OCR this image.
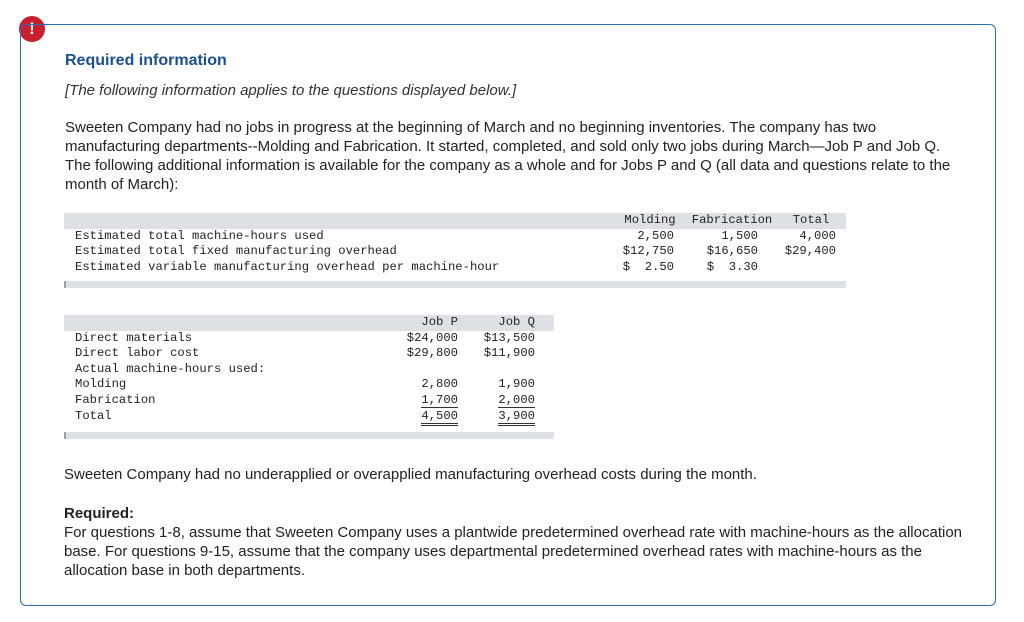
!
Required information
[The following information applies to the questions displayed below.]
Sweeten Company had no jobs in progress at the beginning of March and no beginning inventories. The company has two manufacturing departments--Molding and Fabrication. It started, completed, and sold only two jobs during March—Job P and Job Q. The following additional information is available for the company as a whole and for Jobs P and Q (all data and questions relate to the month of March):
	Molding	Fabrication	Total
Estimated total machine-hours used	2,500	1,500	4,000
Estimated total fixed manufacturing overhead	$12,750	$16,650	$29,400
Estimated variable manufacturing overhead per machine-hour	$  2.50	$  3.30	
	Job P	Job Q
Direct materials	$24,000	$13,500
Direct labor cost	$29,800	$11,900
Actual machine-hours used:		
Molding	2,800	1,900
Fabrication	1,700	2,000
Total	4,500	3,900
Sweeten Company had no underapplied or overapplied manufacturing overhead costs during the month.
Required:
For questions 1-8, assume that Sweeten Company uses a plantwide predetermined overhead rate with machine-hours as the allocation base. For questions 9-15, assume that the company uses departmental predetermined overhead rates with machine-hours as the allocation base in both departments.
